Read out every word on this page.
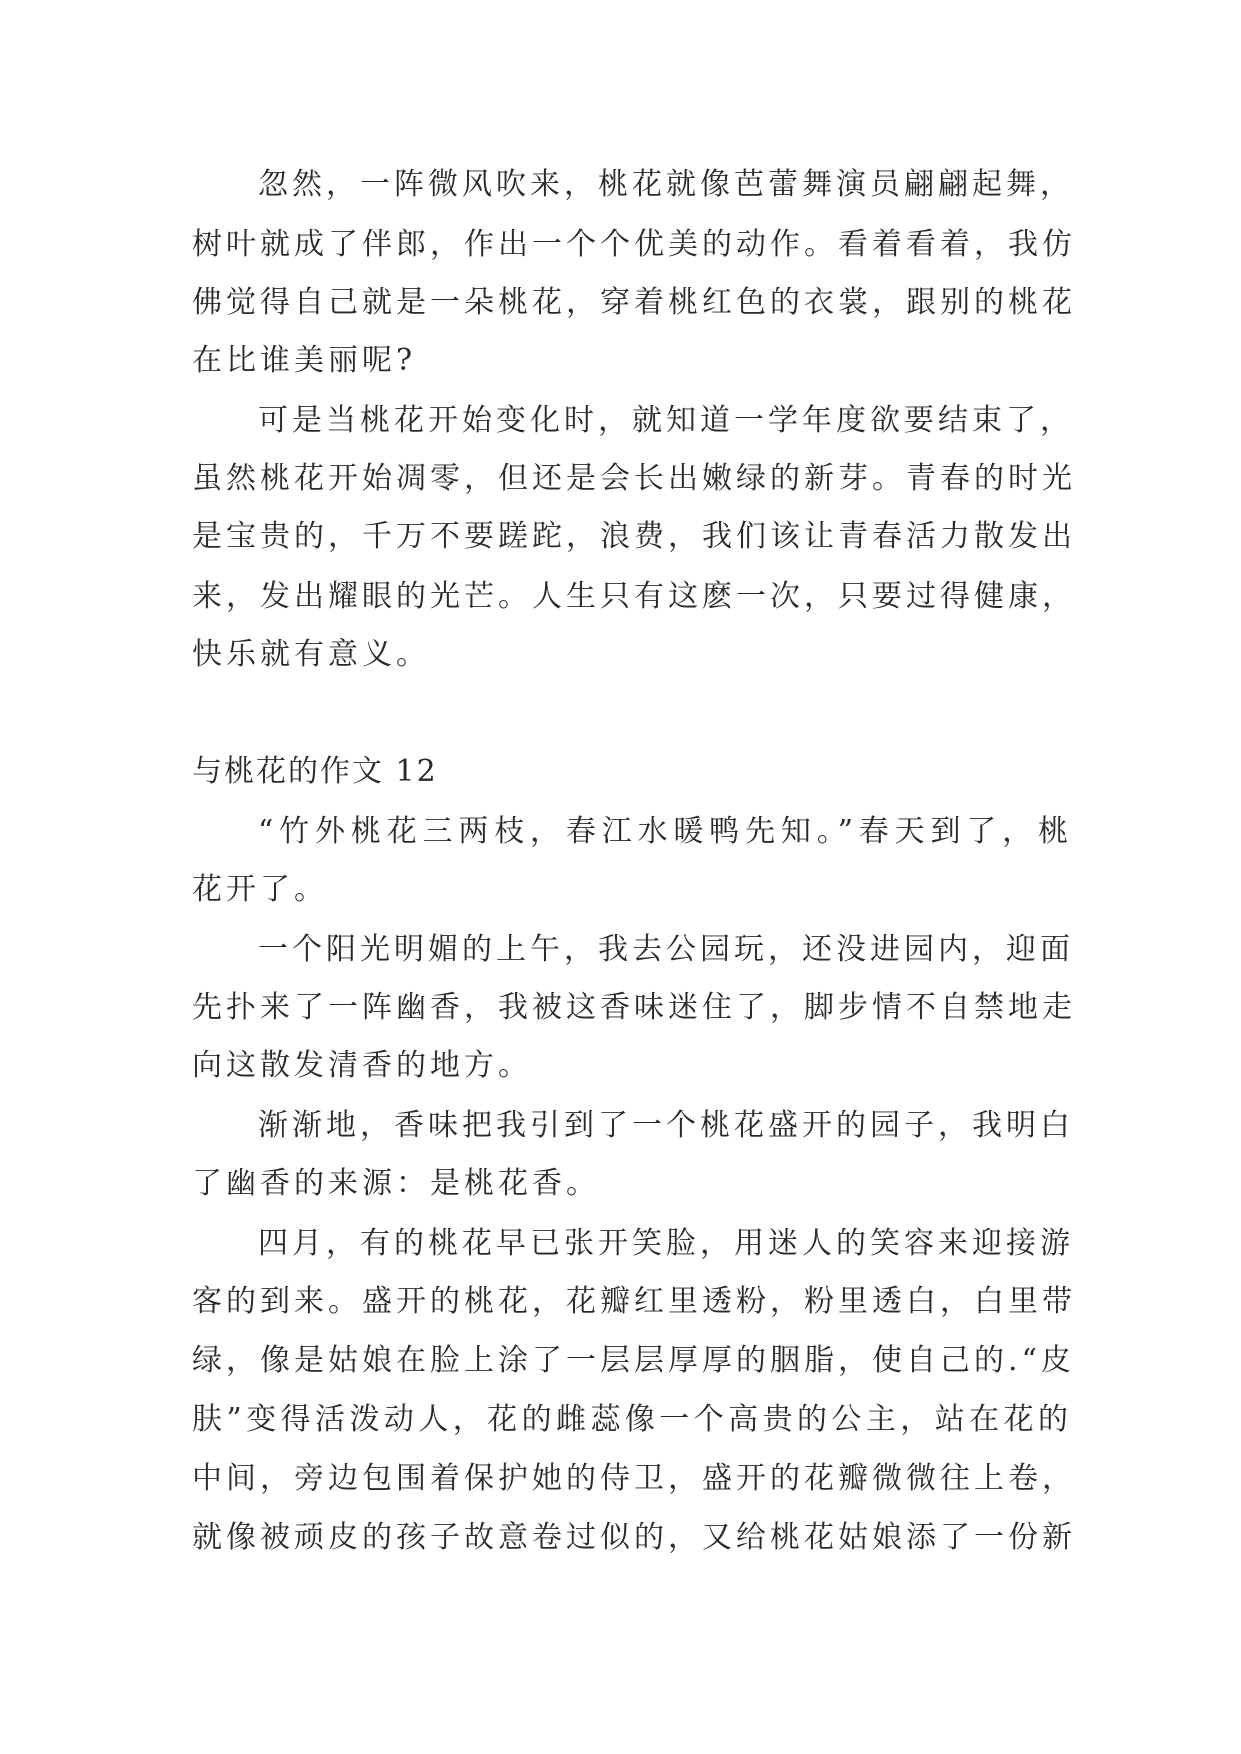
忽然，一阵微风吹来，桃花就像芭蕾舞演员翩翩起舞，
树叶就成了伴郎，作出一个个优美的动作。看着看着，我仿
佛觉得自己就是一朵桃花，穿着桃红色的衣裳，跟别的桃花
在比谁美丽呢?
可是当桃花开始变化时，就知道一学年度欲要结束了，
虽然桃花开始凋零，但还是会长出嫩绿的新芽。青春的时光
是宝贵的，千万不要蹉跎，浪费，我们该让青春活力散发出
来，发出耀眼的光芒。人生只有这麽一次，只要过得健康，
快乐就有意义。
与桃花的作文 12
“竹外桃花三两枝，春江水暖鸭先知。”春天到了，桃
花开了。
一个阳光明媚的上午，我去公园玩，还没进园内，迎面
先扑来了一阵幽香，我被这香味迷住了，脚步情不自禁地走
向这散发清香的地方。
渐渐地，香味把我引到了一个桃花盛开的园子，我明白
了幽香的来源：是桃花香。
四月，有的桃花早已张开笑脸，用迷人的笑容来迎接游
客的到来。盛开的桃花，花瓣红里透粉，粉里透白，白里带
绿，像是姑娘在脸上涂了一层层厚厚的胭脂，使自己的.“皮
肤”变得活泼动人，花的雌蕊像一个高贵的公主，站在花的
中间，旁边包围着保护她的侍卫，盛开的花瓣微微往上卷，
就像被顽皮的孩子故意卷过似的，又给桃花姑娘添了一份新
